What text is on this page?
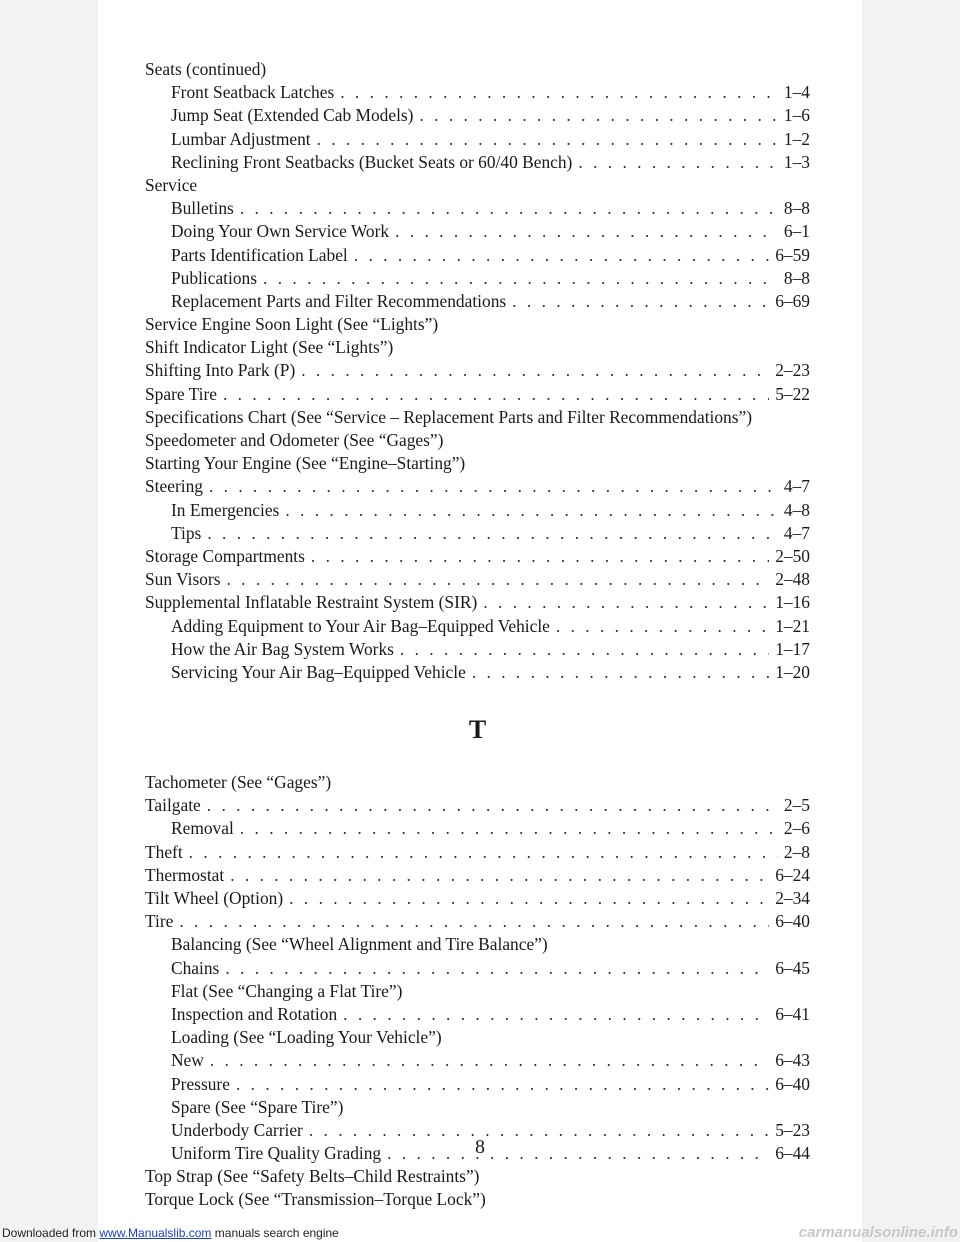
Seats (continued)
Front Seatback Latches . . .	1–4
Jump Seat (Extended Cab Models) . . .	1–6
Lumbar Adjustment . . .	1–2
Reclining Front Seatbacks (Bucket Seats or 60/40 Bench) . . .	1–3
Service
Bulletins . . .	8–8
Doing Your Own Service Work . . .	6–1
Parts Identification Label . . .	6–59
Publications . . .	8–8
Replacement Parts and Filter Recommendations . . .	6–69
Service Engine Soon Light (See “Lights”)
Shift Indicator Light (See “Lights”)
Shifting Into Park (P) . . .	2–23
Spare Tire . . .	5–22
Specifications Chart (See “Service – Replacement Parts and Filter Recommendations”)
Speedometer and Odometer (See “Gages”)
Starting Your Engine (See “Engine–Starting”)
Steering . . .	4–7
In Emergencies . . .	4–8
Tips . . .	4–7
Storage Compartments . . .	2–50
Sun Visors . . .	2–48
Supplemental Inflatable Restraint System (SIR) . . .	1–16
Adding Equipment to Your Air Bag–Equipped Vehicle . . .	1–21
How the Air Bag System Works . . .	1–17
Servicing Your Air Bag–Equipped Vehicle . . .	1–20
T
Tachometer (See “Gages”)
Tailgate . . .	2–5
Removal . . .	2–6
Theft . . .	2–8
Thermostat . . .	6–24
Tilt Wheel (Option) . . .	2–34
Tire . . .	6–40
Balancing (See “Wheel Alignment and Tire Balance”)
Chains . . .	6–45
Flat (See “Changing a Flat Tire”)
Inspection and Rotation . . .	6–41
Loading (See “Loading Your Vehicle”)
New . . .	6–43
Pressure . . .	6–40
Spare (See “Spare Tire”)
Underbody Carrier . . .	5–23
Uniform Tire Quality Grading . . .	6–44
Top Strap (See “Safety Belts–Child Restraints”)
Torque Lock (See “Transmission–Torque Lock”)
8
Downloaded from www.Manualslib.com manuals search engine	carmanualsonline.info
